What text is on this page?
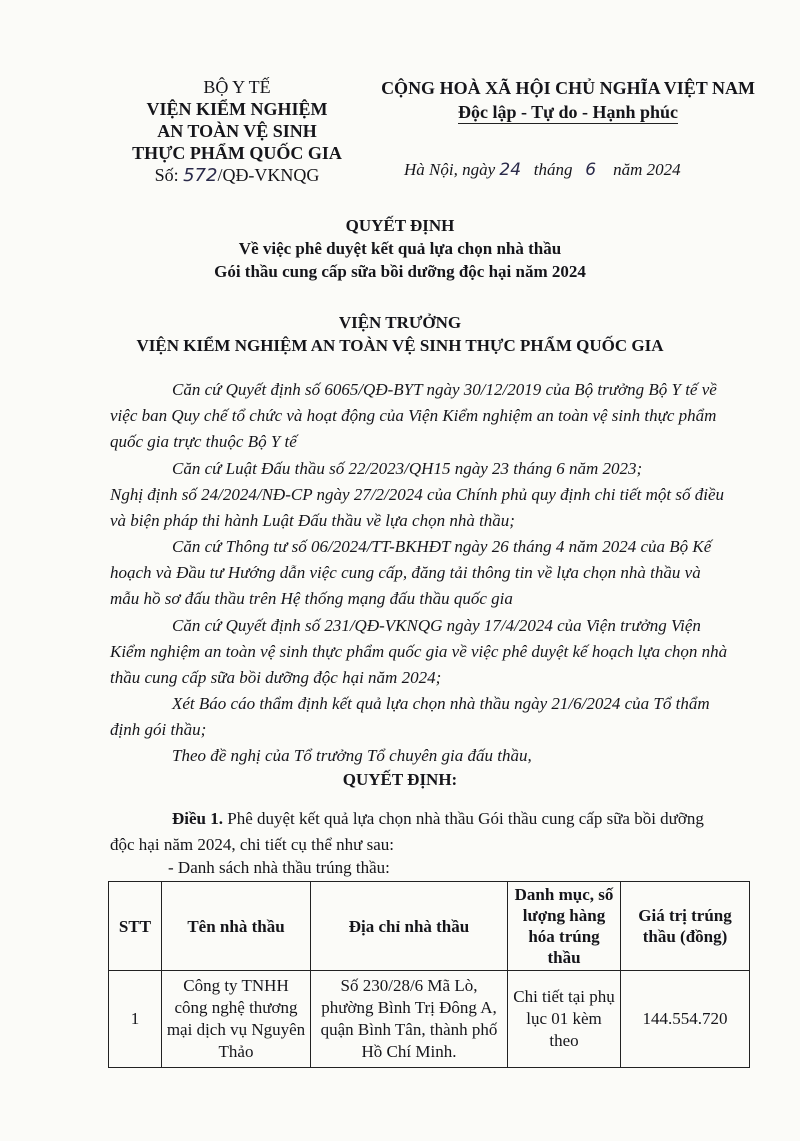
BỘ Y TẾ
VIỆN KIỂM NGHIỆM
AN TOÀN VỆ SINH
THỰC PHẨM QUỐC GIA
Số: 572/QĐ-VKNQG
CỘNG HOÀ XÃ HỘI CHỦ NGHĨA VIỆT NAM
Độc lập - Tự do - Hạnh phúc
Hà Nội, ngày 24 tháng 6 năm 2024
QUYẾT ĐỊNH
Về việc phê duyệt kết quả lựa chọn nhà thầu
Gói thầu cung cấp sữa bồi dưỡng độc hại năm 2024
VIỆN TRƯỞNG
VIỆN KIỂM NGHIỆM AN TOÀN VỆ SINH THỰC PHẨM QUỐC GIA
Căn cứ Quyết định số 6065/QĐ-BYT ngày 30/12/2019 của Bộ trưởng Bộ Y tế về việc ban Quy chế tổ chức và hoạt động của Viện Kiểm nghiệm an toàn vệ sinh thực phẩm quốc gia trực thuộc Bộ Y tế
Căn cứ Luật Đấu thầu số 22/2023/QH15 ngày 23 tháng 6 năm 2023;
Nghị định số 24/2024/NĐ-CP ngày 27/2/2024 của Chính phủ quy định chi tiết một số điều và biện pháp thi hành Luật Đấu thầu về lựa chọn nhà thầu;
Căn cứ Thông tư số 06/2024/TT-BKHĐT ngày 26 tháng 4 năm 2024 của Bộ Kế hoạch và Đầu tư Hướng dẫn việc cung cấp, đăng tải thông tin về lựa chọn nhà thầu và mẫu hồ sơ đấu thầu trên Hệ thống mạng đấu thầu quốc gia
Căn cứ Quyết định số 231/QĐ-VKNQG ngày 17/4/2024 của Viện trưởng Viện Kiểm nghiệm an toàn vệ sinh thực phẩm quốc gia về việc phê duyệt kế hoạch lựa chọn nhà thầu cung cấp sữa bồi dưỡng độc hại năm 2024;
Xét Báo cáo thẩm định kết quả lựa chọn nhà thầu ngày 21/6/2024 của Tổ thẩm định gói thầu;
Theo đề nghị của Tổ trưởng Tổ chuyên gia đấu thầu,
QUYẾT ĐỊNH:
Điều 1. Phê duyệt kết quả lựa chọn nhà thầu Gói thầu cung cấp sữa bồi dưỡng độc hại năm 2024, chi tiết cụ thể như sau:
- Danh sách nhà thầu trúng thầu:
STT	Tên nhà thầu	Địa chỉ nhà thầu	Danh mục, số lượng hàng hóa trúng thầu	Giá trị trúng thầu (đồng)
1	Công ty TNHH công nghệ thương mại dịch vụ Nguyên Thảo	Số 230/28/6 Mã Lò, phường Bình Trị Đông A, quận Bình Tân, thành phố Hồ Chí Minh.	Chi tiết tại phụ lục 01 kèm theo	144.554.720
